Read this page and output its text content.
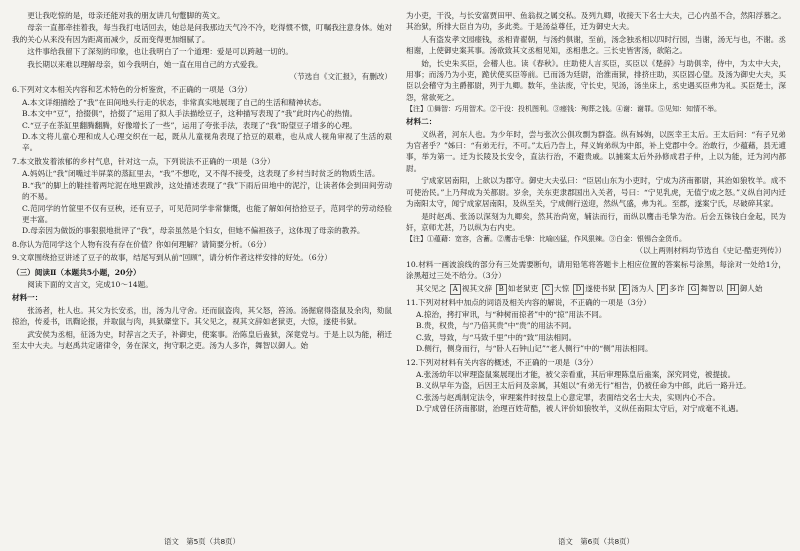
更让我吃惊的是，母亲还能对我的朋友讲几句蹩脚的英文。

母亲一直都牵挂着我，每当我打电话回去，她总是问我那边天气冷不冷，吃得惯不惯，叮嘱我注意身体。她对我的关心从来没有因为距离而减少，反而变得更加细腻了。

这件事给我留下了深刻的印象，也让我明白了一个道理：爱是可以跨越一切的。

我长期以来难以理解母亲，如今我明白，她一直在用自己的方式爱我。

（节选自《文汇报》，有删改）

6.下列对文本相关内容和艺术特色的分析鉴赏，不正确的一项是（3分）

A.本文详细描绘了“我”在田间地头行走的状态，非常真实地展现了自己的生活和精神状态。

B.本文中“豆”，拾掇俱“，拾掇了”运用了拟人手法描绘豆子，这种描写表现了“我”此时内心的热情。

C.“豆子在茶缸里翻腾翻腾，好像增长了一些”，运用了夸张手法，表现了“我”盼望豆子增多的心理。

D.本文将儿童心理和成人心理交织在一起，既从儿童视角表现了拾豆的艰难，也从成人视角审视了生活的艰辛。

7.本文散发着浓郁的乡村气息，针对这一点，下列说法不正确的一项是（3分）

A.妈妈让“我”闭嘴过半屏菜的蒸缸里去，“我”不想吃，又不得不接受，这表现了乡村当时贫乏的物质生活。

B.“我”的脚上的鞋挂着两坨泥在地里跋涉，这处描述表现了“我”下雨后田地中的泥泞，让读者体会到田间劳动的不易。

C.范同学的竹筐里不仅有豆秧，还有豆子，可见范同学非常慷慨，也能了解如何拾拾豆子，范同学的劳动经验更丰富。

D.母亲因为做饭的事狠狠地批评了“我”，母亲虽然是个妇女，但她不偏袒孩子，这体现了母亲的教养。

8.你认为范同学这个人物有没有存在价值？你如何理解？请简要分析。（6分）

9.文章围绕拾豆讲述了豆子的故事，结尾写到从前“回顾”，请分析作者这样安排的好处。（6分）

（三）阅读Ⅱ（本题共5小题，20分）

阅读下面的文言文，完成10～14题。

材料一：

张汤者，杜人也。其父为长安丞，出，汤为儿守舍。还而鼠盗肉，其父怒，笞汤。汤掘窟得盗鼠及余肉，劾鼠掠治，传爰书，讯鞫论报，并取鼠与肉，具狱磔堂下。其父见之，视其文辞如老狱吏，大惊，遂使书狱。

武安侯为丞相，征汤为史，时荐言之天子，补御史，使案事。治陈皇后蛊狱，深竟党与。于是上以为能，稍迁至太中大夫。与赵禹共定诸律令，务在深文，拘守职之吏。汤为人多诈，舞智以御人。始

语文　第5页（共8页）

为小吏，干没，与长安富贾田甲、鱼翁叔之属交私。及列九卿，收接天下名士大夫，己心内虽不合，然阳浮慕之。其治狱，所排大臣自为功，多此类。于是汤益尊任，迁为御史大夫。

人有盗发孝文园瘗钱，丞相青翟朝，与汤约俱谢，至前，汤念独丞相以四时行园，当谢，汤无与也，不谢。丞相谢，上使御史案其事。汤欲致其文丞相见知，丞相患之。三长史皆害汤，欲陷之。

始，长史朱买臣，会稽人也。读《春秋》。庄助使人言买臣，买臣以《楚辞》与助俱幸，侍中，为太中大夫，用事；而汤乃为小吏，跪伏使买臣等前。已而汤为廷尉，治淮南狱，排挤庄助，买臣固心望。及汤为御史大夫，买臣以会稽守为主爵都尉，列于九卿。数年，坐法废，守长史，见汤，汤坐床上，丞史遇买臣弗为礼。买臣楚士，深怨，常欲死之。

【注】①舞智：巧用智术。②干没：投机图利。③瘗钱：殉葬之钱。④谢：谢罪。⑤见知：知情不举。

材料二：

义纵者，河东人也。为少年时，尝与张次公俱攻剽为群盗。纵有姊姁，以医幸王太后。王太后问：“有子兄弟为官者乎？”姊曰：“有弟无行，不可。”太后乃告上，拜义姁弟纵为中郎，补上党郡中令。治敢行，少蕴藉，县无逋事，举为第一。迁为长陵及长安令，直法行治，不避贵戚。以捕案太后外孙修成君子仲，上以为能，迁为河内都尉。

宁成家居南阳，上欲以为郡守。御史大夫弘曰：“臣居山东为小吏时，宁成为济南都尉，其治如狼牧羊。成不可使治民。”上乃拜成为关都尉。岁余，关东吏隶郡国出入关者，号曰：“宁见乳虎，无值宁成之怒。”义纵自河内迁为南阳太守，闻宁成家居南阳，及纵至关，宁成侧行送迎，然纵气盛，弗为礼。至郡，遂案宁氏，尽破碎其家。

是时赵禹、张汤以深刻为九卿矣，然其治尚宽，辅法而行，而纵以鹰击毛挚为治。后会五铢钱白金起，民为奸，京师尤甚，乃以纵为右内史。

【注】①蕴藉：宽容，含蓄。②鹰击毛挚：比喻凶猛，作风狠辣。③白金：银锡合金货币。

（以上两则材料均节选自《史记·酷吏列传》）

10.材料一画波浪线的部分有三处需要断句，请用铅笔将答题卡上相应位置的答案标号涂黑，每涂对一处给1分，涂黑超过三处不给分。（3分）

其父见之 A 视其文辞 B 如老狱吏 C 大惊 D 遂使书狱 E 汤为人 F 多诈 G 舞智以 H 御人始

11.下列对材料中加点的词语及相关内容的解说，不正确的一项是（3分）

A.掠治，拷打审讯，与“种树而掠者”中的“掠”用法不同。

B.贵，权贵，与“乃倍其贵”中“贵”的用法不同。

C.致，导致，与“马致千里”中的“致”用法相同。

D.侧行，侧身而行，与“卧人石钟山记”“老人侧行”中的“侧”用法相同。

12.下列对材料有关内容的概述，不正确的一项是（3分）

A.张汤幼年以审理盗鼠案展现出才能，被父亲看重，其后审理陈皇后蛊案，深究同党，被提拔。

B.义纵早年为盗，后因王太后问及亲属，其姐以“有弟无行”相告，仍被任命为中郎，此后一路升迁。

C.张汤与赵禹制定法令，审理案件时按皇上心意定罪，表面结交名士大夫，实则内心不合。

D.宁成曾任济南都尉，治理百姓苛酷，被人评价如狼牧羊，义纵任南阳太守后，对宁成毫不礼遇。

语文　第6页（共8页）
